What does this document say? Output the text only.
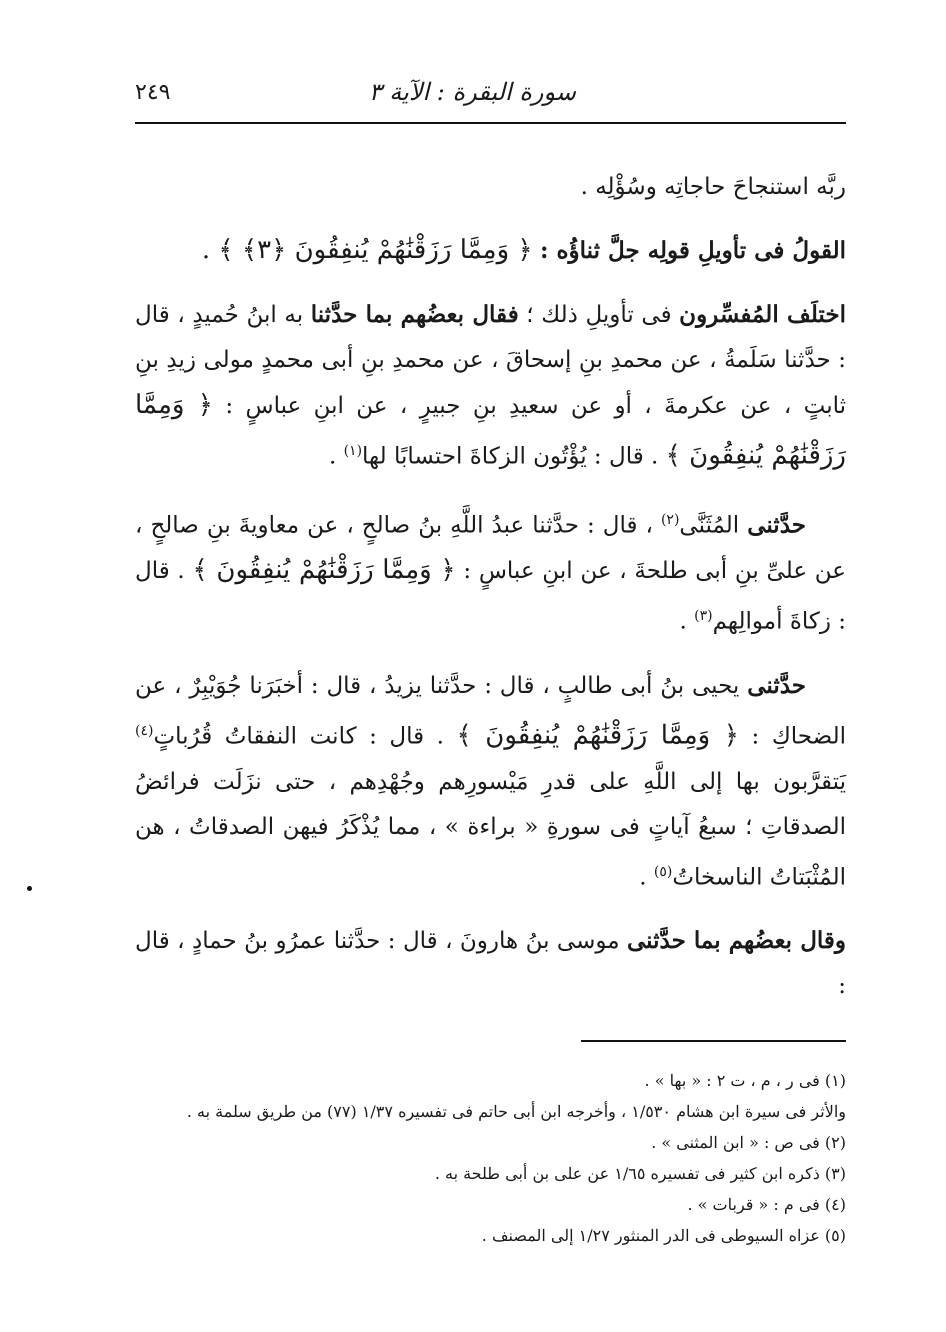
سورة البقرة : الآية ٣
٢٤٩

ربَّه استنجاحَ حاجاتِه وسُؤْلِه .

القولُ فى تأويلِ قولِه جلَّ ثناؤُه : ﴿ وَمِمَّا رَزَقْنَٰهُمْ يُنفِقُونَ ﴿٣﴾ ﴾ .

اختلَف المُفسِّرون فى تأويلِ ذلك ؛ فقال بعضُهم بما حدَّثنا به ابنُ حُميدٍ ، قال : حدَّثنا سَلَمةُ ، عن محمدِ بنِ إسحاقَ ، عن محمدِ بنِ أبى محمدٍ مولى زيدِ بنِ ثابتٍ ، عن عكرمةَ ، أو عن سعيدِ بنِ جبيرٍ ، عن ابنِ عباسٍ : ﴿ وَمِمَّا رَزَقْنَٰهُمْ يُنفِقُونَ ﴾ . قال : يُؤْتُون الزكاةَ احتسابًا لها$^{(١)}$ .

حدَّثنى المُثَنَّى$^{(٢)}$ ، قال : حدَّثنا عبدُ اللَّهِ بنُ صالحٍ ، عن معاويةَ بنِ صالحٍ ، عن علىِّ بنِ أبى طلحةَ ، عن ابنِ عباسٍ : ﴿ وَمِمَّا رَزَقْنَٰهُمْ يُنفِقُونَ ﴾ . قال : زكاةَ أموالِهم$^{(٣)}$ .

حدَّثنى يحيى بنُ أبى طالبٍ ، قال : حدَّثنا يزيدُ ، قال : أخبَرَنا جُوَيْبِرٌ ، عن الضحاكِ : ﴿ وَمِمَّا رَزَقْنَٰهُمْ يُنفِقُونَ ﴾ . قال : كانت النفقاتُ قُرُباتٍ$^{(٤)}$ يَتقرَّبون بها إلى اللَّهِ على قدرِ مَيْسورِهم وجُهْدِهم ، حتى نزَلَت فرائضُ الصدقاتِ ؛ سبعُ آياتٍ فى سورةِ « براءة » ، مما يُذْكَرُ فيهن الصدقاتُ ، هن المُثْبَتاتُ الناسخاتُ$^{(٥)}$ .

وقال بعضُهم بما حدَّثنى موسى بنُ هارونَ ، قال : حدَّثنا عمرُو بنُ حمادٍ ، قال :

(١) فى ر ، م ، ت ٢ : « بها » .

والأثر فى سيرة ابن هشام ١/٥٣٠ ، وأخرجه ابن أبى حاتم فى تفسيره ١/٣٧ (٧٧) من طريق سلمة به .

(٢) فى ص : « ابن المثنى » .

(٣) ذكره ابن كثير فى تفسيره ١/٦٥ عن على بن أبى طلحة به .

(٤) فى م : « قربات » .

(٥) عزاه السيوطى فى الدر المنثور ١/٢٧ إلى المصنف .
